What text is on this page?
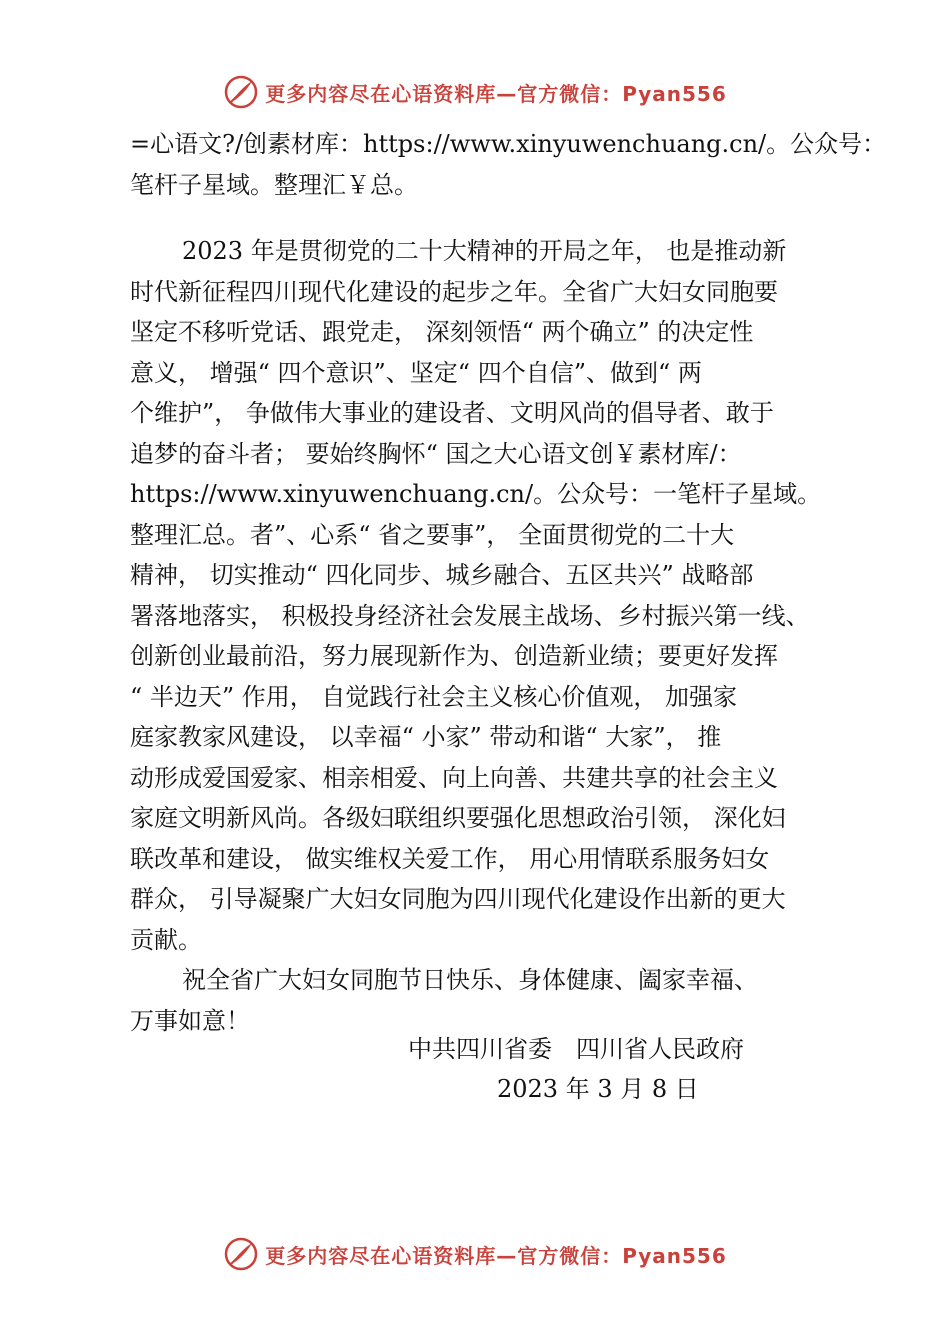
更多内容尽在心语资料库—官方微信：Pyan556
=心语文?/创素材库：https://www.xinyuwenchuang.cn/。公众号：
笔杆子星域。整理汇￥总。
2023 年是贯彻党的二十大精神的开局之年， 也是推动新
时代新征程四川现代化建设的起步之年。全省广大妇女同胞要
坚定不移听党话、跟党走， 深刻领悟“ 两个确立” 的决定性
意义， 增强“ 四个意识”、坚定“ 四个自信”、做到“ 两
个维护”， 争做伟大事业的建设者、文明风尚的倡导者、敢于
追梦的奋斗者； 要始终胸怀“ 国之大心语文创￥素材库/：
https://www.xinyuwenchuang.cn/。公众号：一笔杆子星域。
整理汇总。者”、心系“ 省之要事”， 全面贯彻党的二十大
精神， 切实推动“ 四化同步、城乡融合、五区共兴” 战略部
署落地落实， 积极投身经济社会发展主战场、乡村振兴第一线、
创新创业最前沿，努力展现新作为、创造新业绩；要更好发挥
“ 半边天” 作用， 自觉践行社会主义核心价值观， 加强家
庭家教家风建设， 以幸福“ 小家” 带动和谐“ 大家”， 推
动形成爱国爱家、相亲相爱、向上向善、共建共享的社会主义
家庭文明新风尚。各级妇联组织要强化思想政治引领， 深化妇
联改革和建设， 做实维权关爱工作， 用心用情联系服务妇女
群众， 引导凝聚广大妇女同胞为四川现代化建设作出新的更大
贡献。
祝全省广大妇女同胞节日快乐、身体健康、阖家幸福、
万事如意！
中共四川省委　四川省人民政府
2023 年 3 月 8 日
更多内容尽在心语资料库—官方微信：Pyan556
